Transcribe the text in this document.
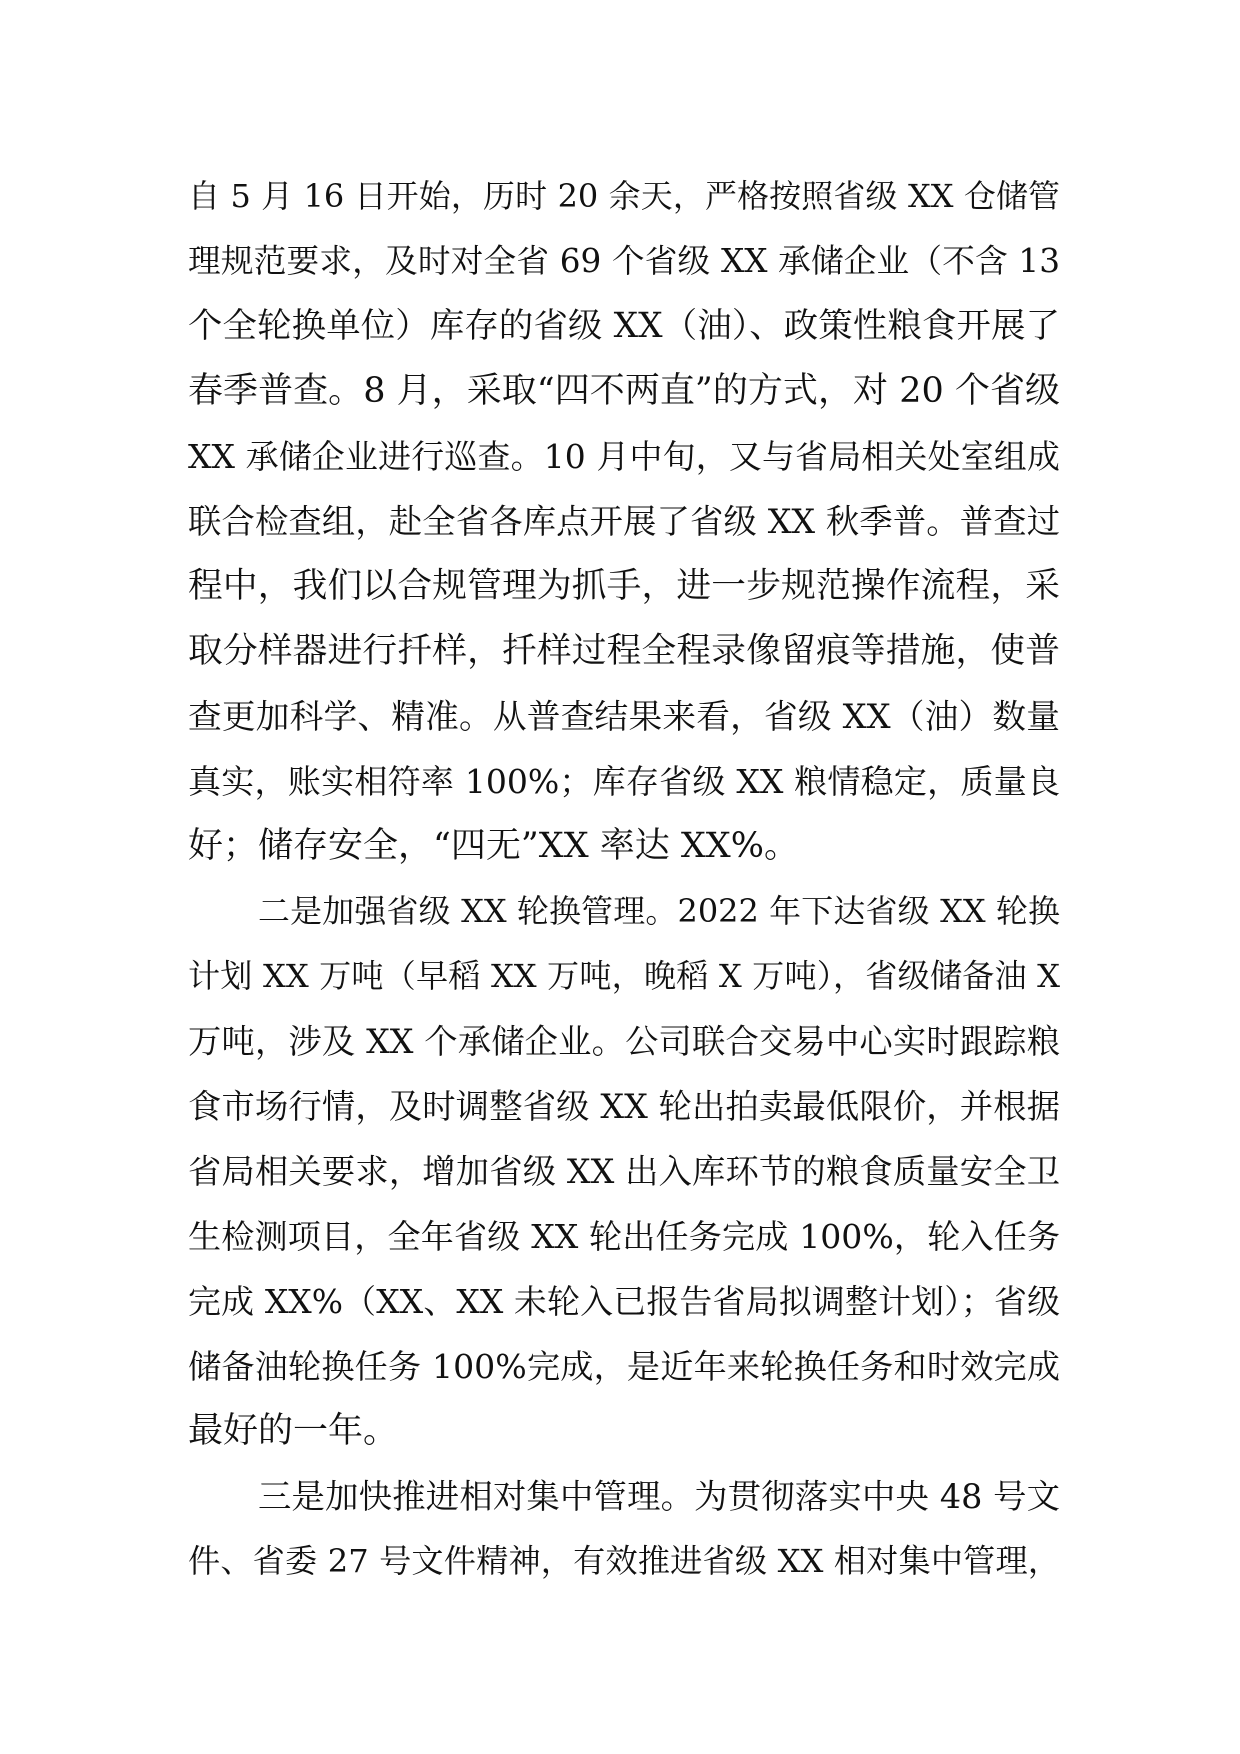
自 5 月 16 日开始，历时 20 余天，严格按照省级 XX 仓储管
理规范要求，及时对全省 69 个省级 XX 承储企业（不含 13
个全轮换单位）库存的省级 XX（油）、政策性粮食开展了
春季普查。8 月，采取“四不两直”的方式，对 20 个省级
XX 承储企业进行巡查。10 月中旬，又与省局相关处室组成
联合检查组，赴全省各库点开展了省级 XX 秋季普。普查过
程中，我们以合规管理为抓手，进一步规范操作流程，采
取分样器进行扦样，扦样过程全程录像留痕等措施，使普
查更加科学、精准。从普查结果来看，省级 XX（油）数量
真实，账实相符率 100%；库存省级 XX 粮情稳定，质量良
好；储存安全，“四无”XX 率达 XX%。
二是加强省级 XX 轮换管理。2022 年下达省级 XX 轮换
计划 XX 万吨（早稻 XX 万吨，晚稻 X 万吨），省级储备油 X
万吨，涉及 XX 个承储企业。公司联合交易中心实时跟踪粮
食市场行情，及时调整省级 XX 轮出拍卖最低限价，并根据
省局相关要求，增加省级 XX 出入库环节的粮食质量安全卫
生检测项目，全年省级 XX 轮出任务完成 100%，轮入任务
完成 XX%（XX、XX 未轮入已报告省局拟调整计划）；省级
储备油轮换任务 100%完成，是近年来轮换任务和时效完成
最好的一年。
三是加快推进相对集中管理。为贯彻落实中央 48 号文
件、省委 27 号文件精神，有效推进省级 XX 相对集中管理，
